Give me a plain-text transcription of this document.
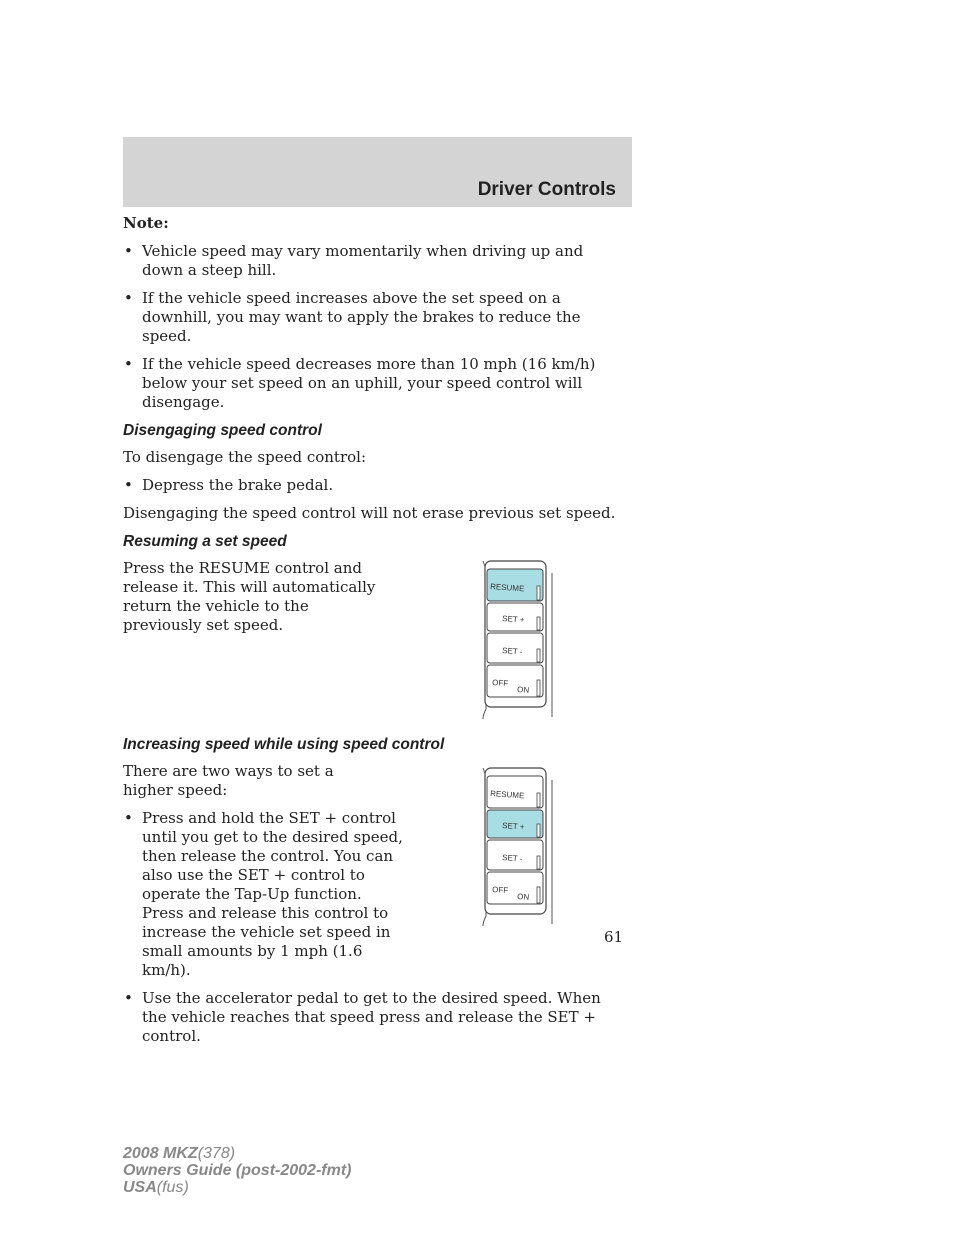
Driver Controls

Note:

• Vehicle speed may vary momentarily when driving up and down a steep hill.
• If the vehicle speed increases above the set speed on a downhill, you may want to apply the brakes to reduce the speed.
• If the vehicle speed decreases more than 10 mph (16 km/h) below your set speed on an uphill, your speed control will disengage.
Disengaging speed control

To disengage the speed control:

• Depress the brake pedal.

Disengaging the speed control will not erase previous set speed.

Resuming a set speed

Press the RESUME control and release it. This will automatically return the vehicle to the previously set speed.

RESUME
SET +
SET -
OFF
ON
Increasing speed while using speed control

There are two ways to set a higher speed:

• Press and hold the SET + control until you get to the desired speed, then release the control. You can also use the SET + control to operate the Tap-Up function. Press and release this control to increase the vehicle set speed in small amounts by 1 mph (1.6 km/h).
RESUME
SET +
SET -
OFF
ON
• Use the accelerator pedal to get to the desired speed. When the vehicle reaches that speed press and release the SET + control.
61
2008 MKZ(378)
Owners Guide (post-2002-fmt)
USA(fus)
